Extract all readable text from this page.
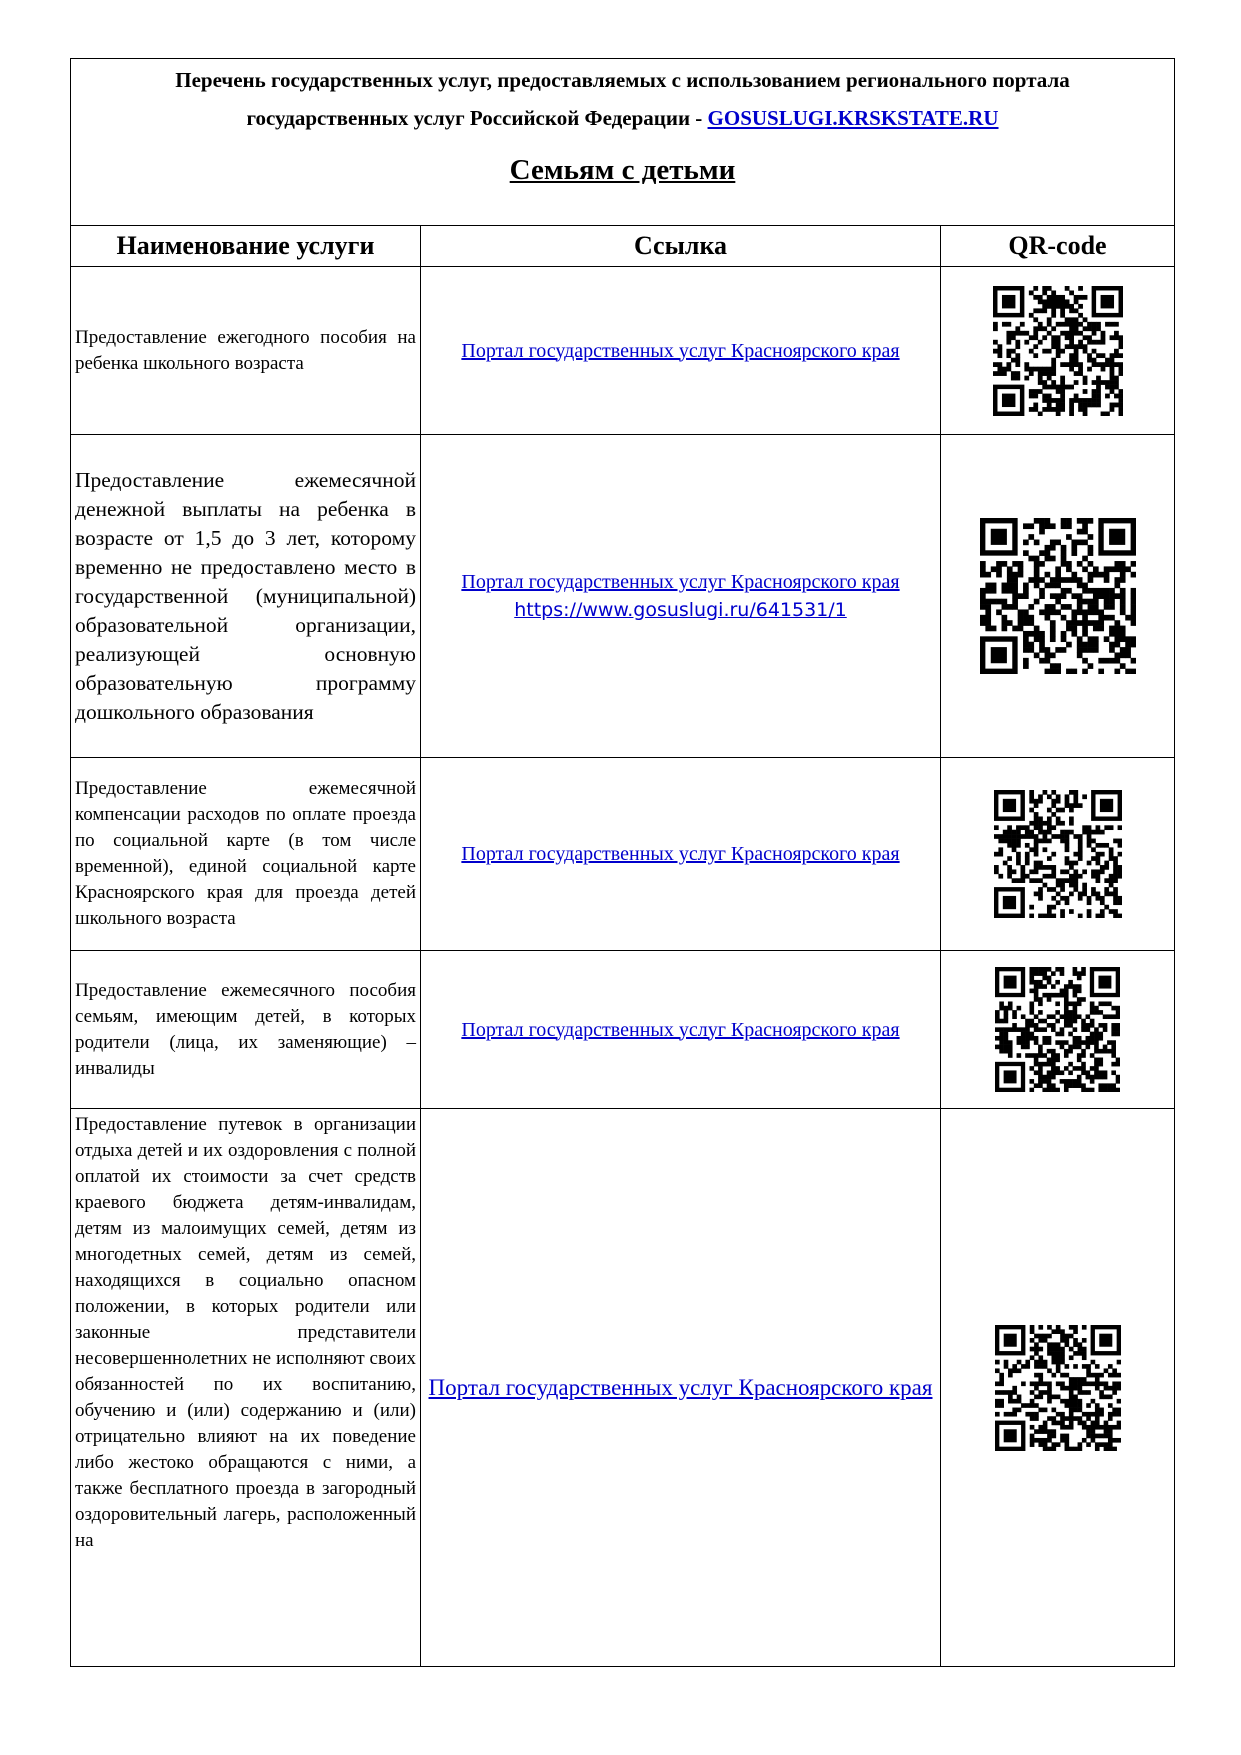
Перечень государственных услуг, предоставляемых с использованием регионального портала
государственных услуг Российской Федерации - GOSUSLUGI.KRSKSTATE.RU
Семьям с детьми		

Наименование услуги	Ссылка	QR-code
Предоставление ежегодного пособия на ребенка школьного возраста	Портал государственных услуг Красноярского края	
Предоставление ежемесячной денежной выплаты на ребенка в возрасте от 1,5 до 3 лет, которому временно не предоставлено место в государственной (муниципальной) образовательной организации, реализующей основную образовательную программу дошкольного образования	Портал государственных услуг Красноярского края
https://www.gosuslugi.ru/641531/1	
Предоставление ежемесячной компенсации расходов по оплате проезда по социальной карте (в том числе временной), единой социальной карте Красноярского края для проезда детей школьного возраста	Портал государственных услуг Красноярского края	
Предоставление ежемесячного пособия семьям, имеющим детей, в которых родители (лица, их заменяющие) – инвалиды	Портал государственных услуг Красноярского края	
Предоставление путевок в организации отдыха детей и их оздоровления с полной оплатой их стоимости за счет средств краевого бюджета детям-инвалидам, детям из малоимущих семей, детям из многодетных семей, детям из семей, находящихся в социально опасном положении, в которых родители или законные представители несовершеннолетних не исполняют своих обязанностей по их воспитанию, обучению и (или) содержанию и (или) отрицательно влияют на их поведение либо жестоко обращаются с ними, а также бесплатного проезда в загородный оздоровительный лагерь, расположенный на	Портал государственных услуг Красноярского края	
